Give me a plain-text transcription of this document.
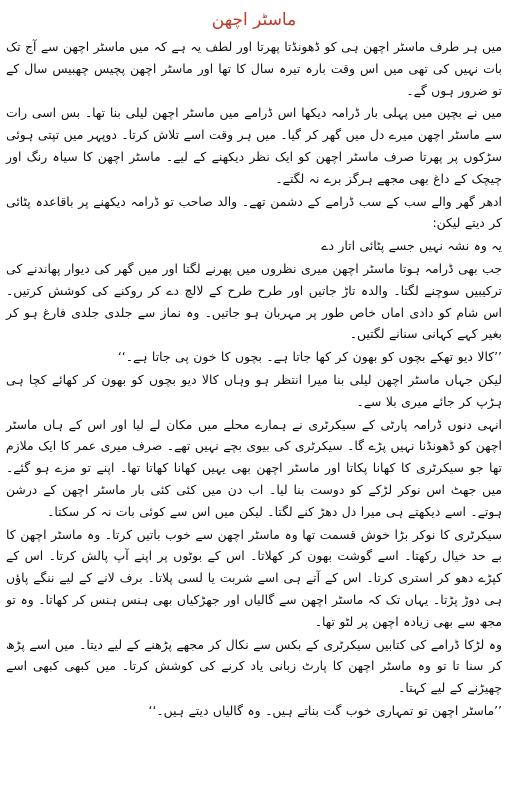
ماسٹر اچھن

میں ہر طرف ماسٹر اچھن ہی کو ڈھونڈتا پھرتا اور لطف یہ ہے کہ میں ماسٹر اچھن سے آج تک بات نہیں کی تھی میں اس وقت بارہ تیرہ سال کا تھا اور ماسٹر اچھن پچیس چھبیس سال کے تو ضرور ہوں گے۔

میں نے بچپن میں پہلی بار ڈرامہ دیکھا اس ڈرامے میں ماسٹر اچھن لیلی بنا تھا۔ بس اسی رات سے ماسٹر اچھن میرے دل میں گھر کر گیا۔ میں ہر وقت اسے تلاش کرتا۔ دوپہر میں تپتی ہوئی سڑکوں پر پھرتا صرف ماسٹر اچھن کو ایک نظر دیکھنے کے لیے۔ ماسٹر اچھن کا سیاہ رنگ اور چیچک کے داغ بھی مجھے ہرگز برے نہ لگتے۔

ادھر گھر والے سب کے سب ڈرامے کے دشمن تھے۔ والد صاحب تو ڈرامہ دیکھنے پر باقاعدہ پٹائی کر دیتے لیکن:

یہ وہ نشہ نہیں جسے پٹائی اتار دے

جب بھی ڈرامہ ہوتا ماسٹر اچھن میری نظروں میں پھرنے لگتا اور میں گھر کی دیوار پھاندنے کی ترکیبیں سوچنے لگتا۔ والدہ تاڑ جاتیں اور طرح طرح کے لالچ دے کر روکنے کی کوشش کرتیں۔ اس شام کو دادی اماں خاص طور پر مہربان ہو جاتیں۔ وہ نماز سے جلدی جلدی فارغ ہو کر بغیر کہے کہانی سنانے لگتیں۔

’’کالا دیو تھکے بچوں کو بھون کر کھا جاتا ہے۔ بچوں کا خون پی جاتا ہے۔‘‘

لیکن جہاں ماسٹر اچھن لیلی بنا میرا انتظر ہو وہاں کالا دیو بچوں کو بھون کر کھائے کچا ہی ہڑپ کر جائے میری بلا سے۔

انہی دنوں ڈرامہ پارٹی کے سیکرٹری نے ہمارے محلے میں مکان لے لیا اور اس کے ہاں ماسٹر اچھن کو ڈھونڈنا نہیں پڑے گا۔ سیکرٹری کی بیوی بچے نہیں تھے۔ صرف میری عمر کا ایک ملازم تھا جو سیکرٹری کا کھانا پکاتا اور ماسٹر اچھن بھی یہیں کھانا کھاتا تھا۔ اپنے تو مزے ہو گئے۔ میں جھٹ اس نوکر لڑکے کو دوست بنا لیا۔ اب دن میں کئی کئی بار ماسٹر اچھن کے درشن ہوتے۔ اسے دیکھتے ہی میرا دل دھڑ کنے لگتا۔ لیکن میں اس سے کوئی بات نہ کر سکتا۔

سیکرٹری کا نوکر بڑا خوش قسمت تھا وہ ماسٹر اچھن سے خوب باتیں کرتا۔ وہ ماسٹر اچھن کا بے حد خیال رکھتا۔ اسے گوشت بھون کر کھلاتا۔ اس کے بوٹوں پر اپنے آپ پالش کرتا۔ اس کے کپڑے دھو کر استری کرتا۔ اس کے آتے ہی اسے شربت یا لسی پلاتا۔ برف لانے کے لیے ننگے پاؤں ہی دوڑ پڑتا۔ یہاں تک کہ ماسٹر اچھن سے گالیاں اور جھڑکیاں بھی ہنس ہنس کر کھاتا۔ وہ تو مجھ سے بھی زیادہ اچھن پر لٹو تھا۔

وہ لڑکا ڈرامے کی کتابیں سیکرٹری کے بکس سے نکال کر مجھے پڑھنے کے لیے دیتا۔ میں اسے پڑھ کر سنا تا تو وہ ماسٹر اچھن کا پارٹ زبانی یاد کرنے کی کوشش کرتا۔ میں کبھی کبھی اسے چھیڑنے کے لیے کہتا۔

’’ماسٹر اچھن تو تمہاری خوب گت بناتے ہیں۔ وہ گالیاں دیتے ہیں۔‘‘
